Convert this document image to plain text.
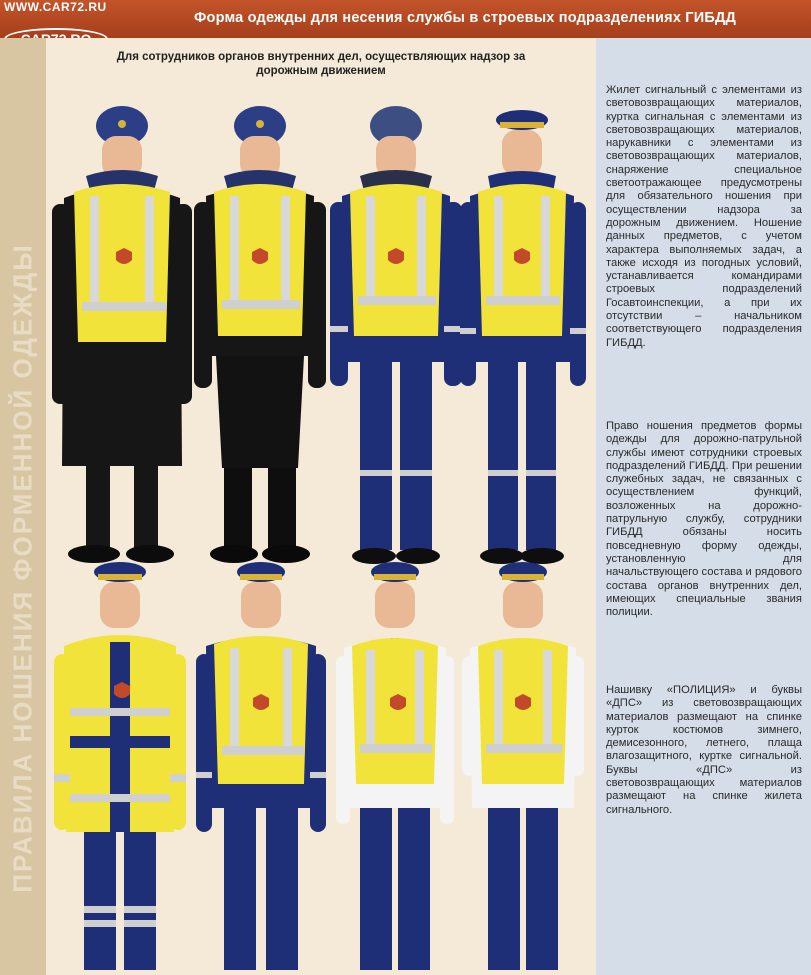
Форма одежды для несения службы в строевых подразделениях ГИБДД
WWW.CAR72.RU
ПРАВИЛА НОШЕНИЯ ФОРМЕННОЙ ОДЕЖДЫ
Для сотрудников органов внутренних дел, осуществляющих надзор за дорожным движением
Жилет сигнальный с элементами из световозвращающих материалов, куртка сигнальная с элементами из световозвращающих материалов, нарукавники с элементами из световозвращающих материалов, снаряжение специальное светоотражающее предусмотрены для обязательного ношения при осуществлении надзора за дорожным движением. Ношение данных предметов, с учетом характера выполняемых задач, а также исходя из погодных условий, устанавливается командирами строевых подразделений Госавтоинспекции, а при их отсутствии – начальником соответствующего подразделения ГИБДД.
Право ношения предметов формы одежды для дорожно-патрульной службы имеют сотрудники строевых подразделений ГИБДД. При решении служебных задач, не связанных с осуществлением функций, возложенных на дорожно-патрульную службу, сотрудники ГИБДД обязаны носить повседневную форму одежды, установленную для начальствующего состава и рядового состава органов внутренних дел, имеющих специальные звания полиции.
Нашивку «ПОЛИЦИЯ» и буквы «ДПС» из световозвращающих материалов размещают на спинке курток костюмов зимнего, демисезонного, летнего, плаща влагозащитного, куртке сигнальной. Буквы «ДПС» из световозвращающих материалов размещают на спинке жилета сигнального.
